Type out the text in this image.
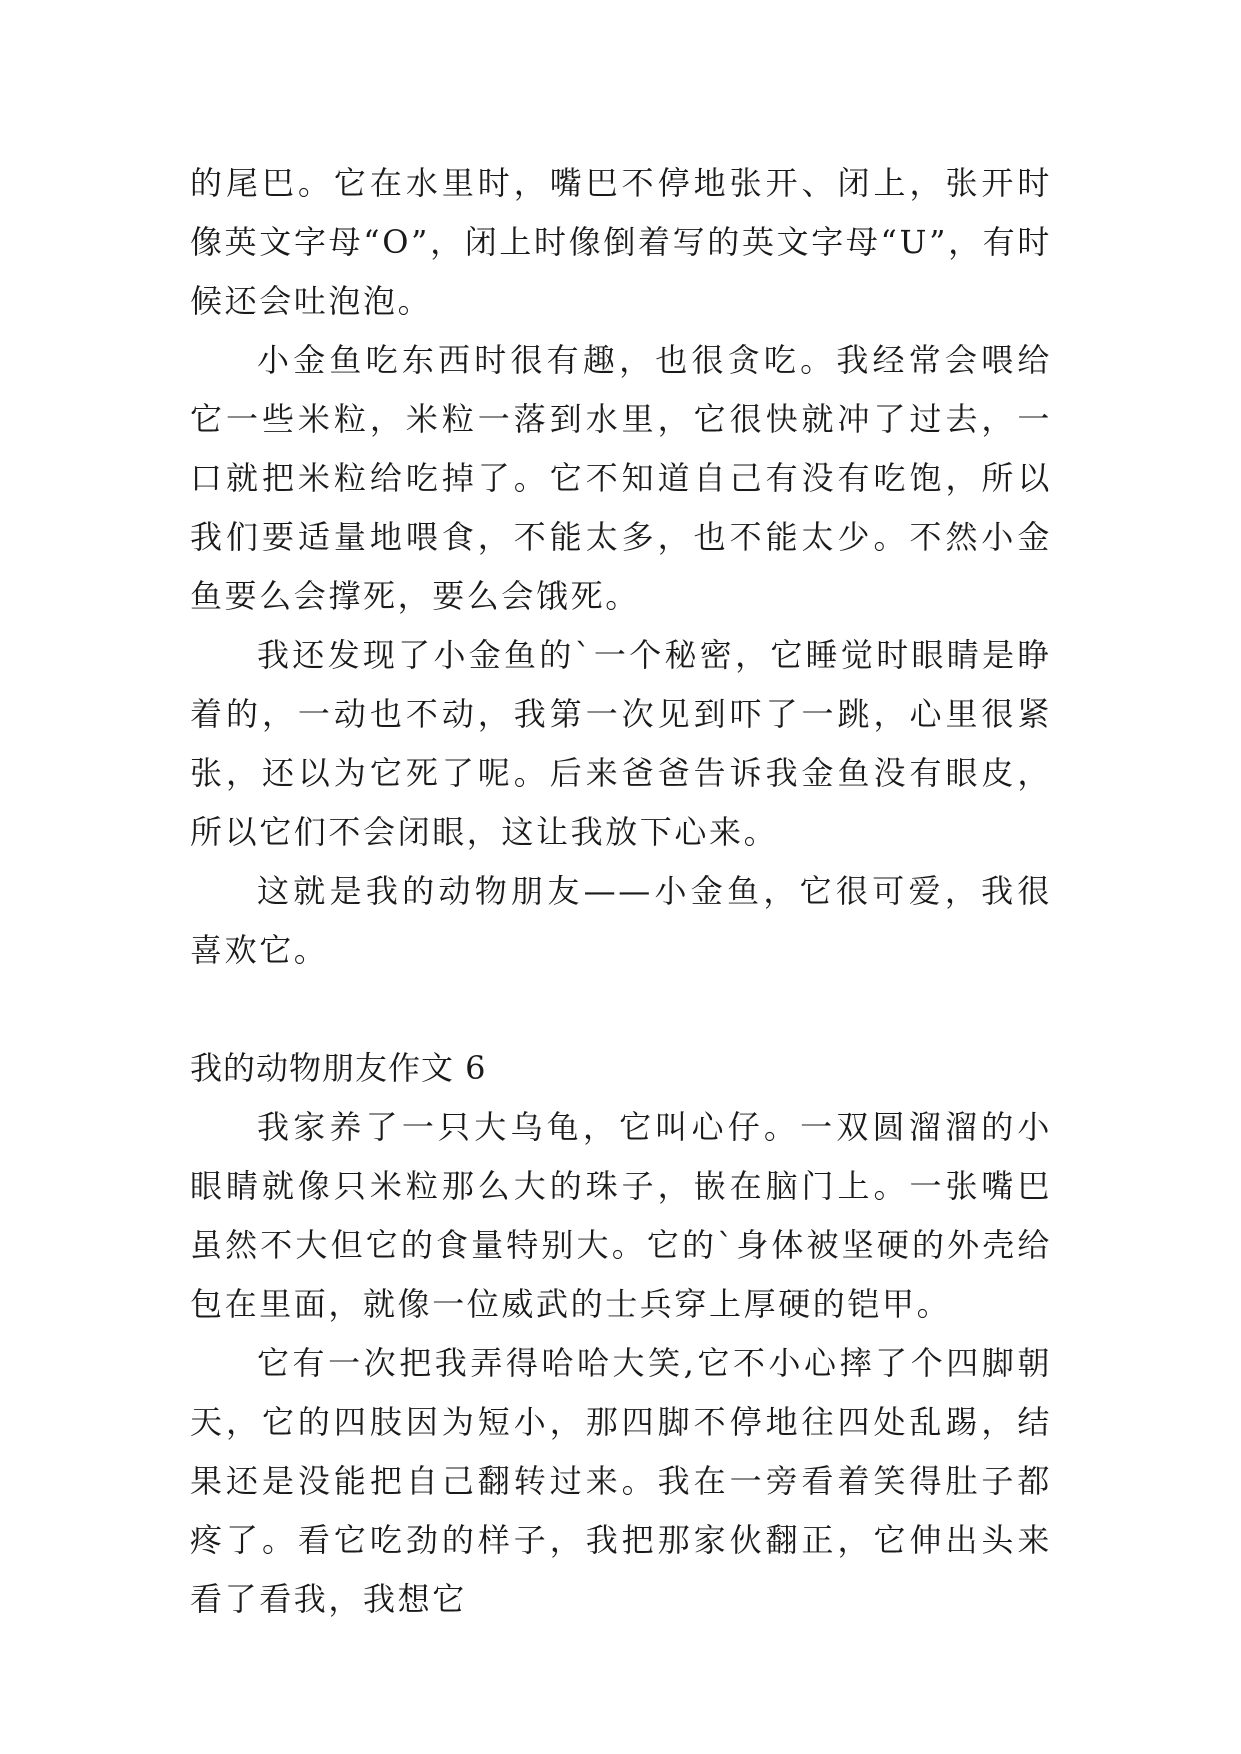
的尾巴。它在水里时，嘴巴不停地张开、闭上，张开时像英文字母“O”，闭上时像倒着写的英文字母“U”，有时候还会吐泡泡。

小金鱼吃东西时很有趣，也很贪吃。我经常会喂给它一些米粒，米粒一落到水里，它很快就冲了过去，一口就把米粒给吃掉了。它不知道自己有没有吃饱，所以我们要适量地喂食，不能太多，也不能太少。不然小金鱼要么会撑死，要么会饿死。

我还发现了小金鱼的`一个秘密，它睡觉时眼睛是睁着的，一动也不动，我第一次见到吓了一跳，心里很紧张，还以为它死了呢。后来爸爸告诉我金鱼没有眼皮，所以它们不会闭眼，这让我放下心来。

这就是我的动物朋友——小金鱼，它很可爱，我很喜欢它。

我的动物朋友作文 6

我家养了一只大乌龟，它叫心仔。一双圆溜溜的小眼睛就像只米粒那么大的珠子，嵌在脑门上。一张嘴巴虽然不大但它的食量特别大。它的`身体被坚硬的外壳给包在里面，就像一位威武的士兵穿上厚硬的铠甲。

它有一次把我弄得哈哈大笑,它不小心摔了个四脚朝天，它的四肢因为短小，那四脚不停地往四处乱踢，结果还是没能把自己翻转过来。我在一旁看着笑得肚子都疼了。看它吃劲的样子，我把那家伙翻正，它伸出头来看了看我，我想它
